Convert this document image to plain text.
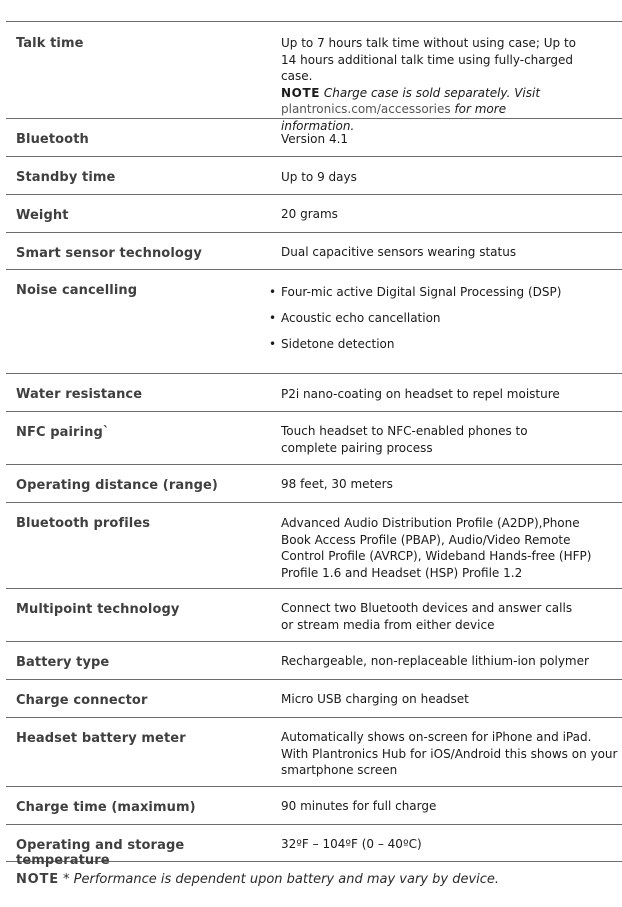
Talk time	Up to 7 hours talk time without using case; Up to 14 hours additional talk time using fully-charged case.
NOTE Charge case is sold separately. Visit
plantronics.com/accessories for more information.
Bluetooth	Version 4.1
Standby time	Up to 9 days
Weight	20 grams
Smart sensor technology	Dual capacitive sensors wearing status
Noise cancelling
•	Four-mic active Digital Signal Processing (DSP)
• Acoustic echo cancellation
• Sidetone detection
Water resistance	P2i nano-coating on headset to repel moisture
NFC pairing`	Touch headset to NFC-enabled phones to complete pairing process
Operating distance (range)	98 feet, 30 meters
Bluetooth profiles	Advanced Audio Distribution Profile (A2DP),Phone Book Access Profile (PBAP), Audio/Video Remote Control Profile (AVRCP), Wideband Hands-free (HFP) Profile 1.6 and Headset (HSP) Profile 1.2
Multipoint technology	Connect two Bluetooth devices and answer calls or stream media from either device
Battery type	Rechargeable, non-replaceable lithium-ion polymer
Charge connector	Micro USB charging on headset
Headset battery meter	Automatically shows on-screen for iPhone and iPad. With Plantronics Hub for iOS/Android this shows on your smartphone screen
Charge time (maximum)	90 minutes for full charge
Operating and storage temperature
32ºF – 104ºF (0 – 40ºC)
NOTE * Performance is dependent upon battery and may vary by device.
